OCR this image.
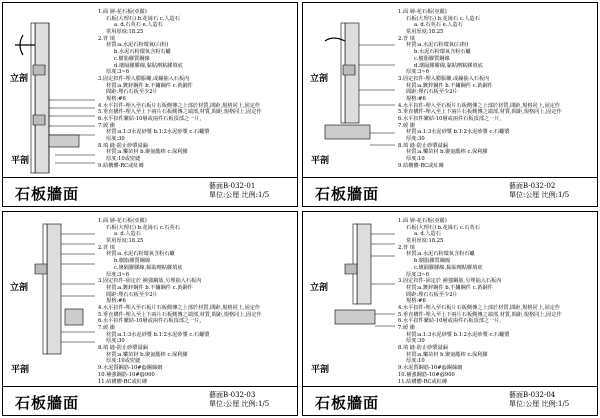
立剖
平剖
1.面 層-花石板(亞麗)
石板(大理石) b.花崗石 c.人造石
a. d.石英石 e.人造石
常用厚度:18.25
2.背 填
材質:a.水泥石粉環氧(白粉)
b.水泥石粉環氧含粉石蠟
c.樹脂膠質鋼線
d.壞隔膠膠線,黏貼劑粘膠填底
厚度:3~6
3.固定扣件-埋入膨脹螺,或繃抽入石板內
材質:a.鍍鋅鋼件 b.不鏽鋼件 c.黃銅件
間距:埋石石板至少2片
規格:#6
4.水平扣件-埋入至石板片石板側傳之上部於材質,間距,規格同上,固定作
5.垂直構件-埋入至上下兩片石板側傳之端部,材質,間距,規格同上,固定作
6.水平扣件繁結-10層或兩件石板頂部之一片,
7.緩 衝
材質:a.1:3水泥砂漿 b.1:2水泥砂漿 c.石蠟漿
厚度:30
8.填 縫-防止砂漿溢漏
材質:a.樂苗材 b.聚氨酯棒 c.保利膠
厚度:10或密縫
9.結構體-RC或紅磚
石板牆面	藝面B-032-01
單位:公厘 比例:1/5
立剖
平剖
1.面 層-花石板(亞麗)
石板(大理石) b.花崗石 c.人造石
a. d.石英石 e.人造石
常用厚度:18.25
2.背 填
材質:a.水泥石粉環氧(白粉)
b.水泥石粉環氧含粉石蠟
c.樹脂膠質鋼線
d.壞隔膠膠線,黏貼劑粘膠填底
厚度:3~6
3.固定扣件-埋入膨脹螺,或繃抽入石板內
材質:a.鍍鋅鋼件 b.不鏽鋼件 c.黃銅件
間距:埋石石板至少2片
規格:#6
4.水平扣件-埋入至石板片石板側傳之上部於材質,間距,規格同上,固定作
5.垂直構件-埋入至上下兩片石板側傳之端部,材質,間距,規格同上,固定作
6.水平扣件繁結-10層或兩件石板頂部之一片,
7.緩 衝
材質:a.1:3水泥砂漿 b.1:2水泥砂漿 c.石蠟漿
厚度:30
8.填 縫-防止砂漿溢漏
材質:a.樂苗材 b.聚氨酯棒 c.保利膠
厚度:10
9.結構體-RC或紅磚
石板牆面	藝面B-032-02
單位:公厘 比例:1/5
立剖
平剖
1.面 層-花石板(亞麗)
石板(大理石) b.花崗石 c.石英石
a. d.人造石
常用厚度:18.25
2.背 填
材質:a.水泥石粉環氧含粉石蠟
b.樹脂膠質鋼線
c.壞隔膠膠線,黏貼劑粘膠填底
厚度:3~6
3.固定扣件-固定於 補強鋼筋,另埋抽入石板內
材質:a.鍍鋅鋼件 b.不鏽鋼件 c.黃銅件
間距:埋石石板至少2片
規格:#6
4.水平扣件-埋入至石板片石板側傳之上部於材質,間距,規格同上,固定作
5.垂直構件-埋入至上下兩片石板側傳之端部,材質,間距,規格同上,固定作
6.水平扣件繁結-10層或兩件石板頂部之一片,
7.緩 衝
材質:a.1:3水泥砂漿 b.1:2水泥砂漿 c.石蠟漿
厚度:30
8.填 縫-防止砂漿溢漏
材質:a.樂苗材 b.聚氨酯棒 c.保利膠
厚度:10或密縫
9.水泥質鋼筋-10#@鋼絲網
10.補強鋼筋-10#@900
11.結構體-RC或紅磚
石板牆面	藝面B-032-03
單位:公厘 比例:1/5
立剖
平剖
1.面 層-花石板(亞麗)
石板(大理石) b.花崗石 c.石英石
a. d.人造石
常用厚度:18.25
2.背 填
材質:a.水泥石粉環氧含粉石蠟
b.樹脂膠質鋼線
c.壞隔膠膠線,黏貼劑粘膠填底
厚度:3~6
3.固定扣件-固定於 補強鋼筋,另埋抽入石板內
材質:a.鍍鋅鋼件 b.不鏽鋼件 c.黃銅件
間距:埋石石板至少2片
規格:#6
4.水平扣件-埋入至石板片石板側傳之上部於材質,間距,規格同上,固定作
5.垂直構件-埋入至上下兩片石板側傳之端部,材質,間距,規格同上,固定作
6.水平扣件繁結-10層或兩件石板頂部之一片,
7.緩 衝
材質:a.1:3水泥砂漿 b.1:2水泥砂漿 c.石蠟漿
厚度:30
8.填 縫-防止砂漿溢漏
材質:a.樂苗材 b.聚氨酯棒 c.保利膠
厚度:10
9.水泥質鋼筋-10#@鋼絲網
10.補強鋼筋-10#@900
11.結構體-RC或紅磚
石板牆面	藝面B-032-04
單位:公厘 比例:1/5
